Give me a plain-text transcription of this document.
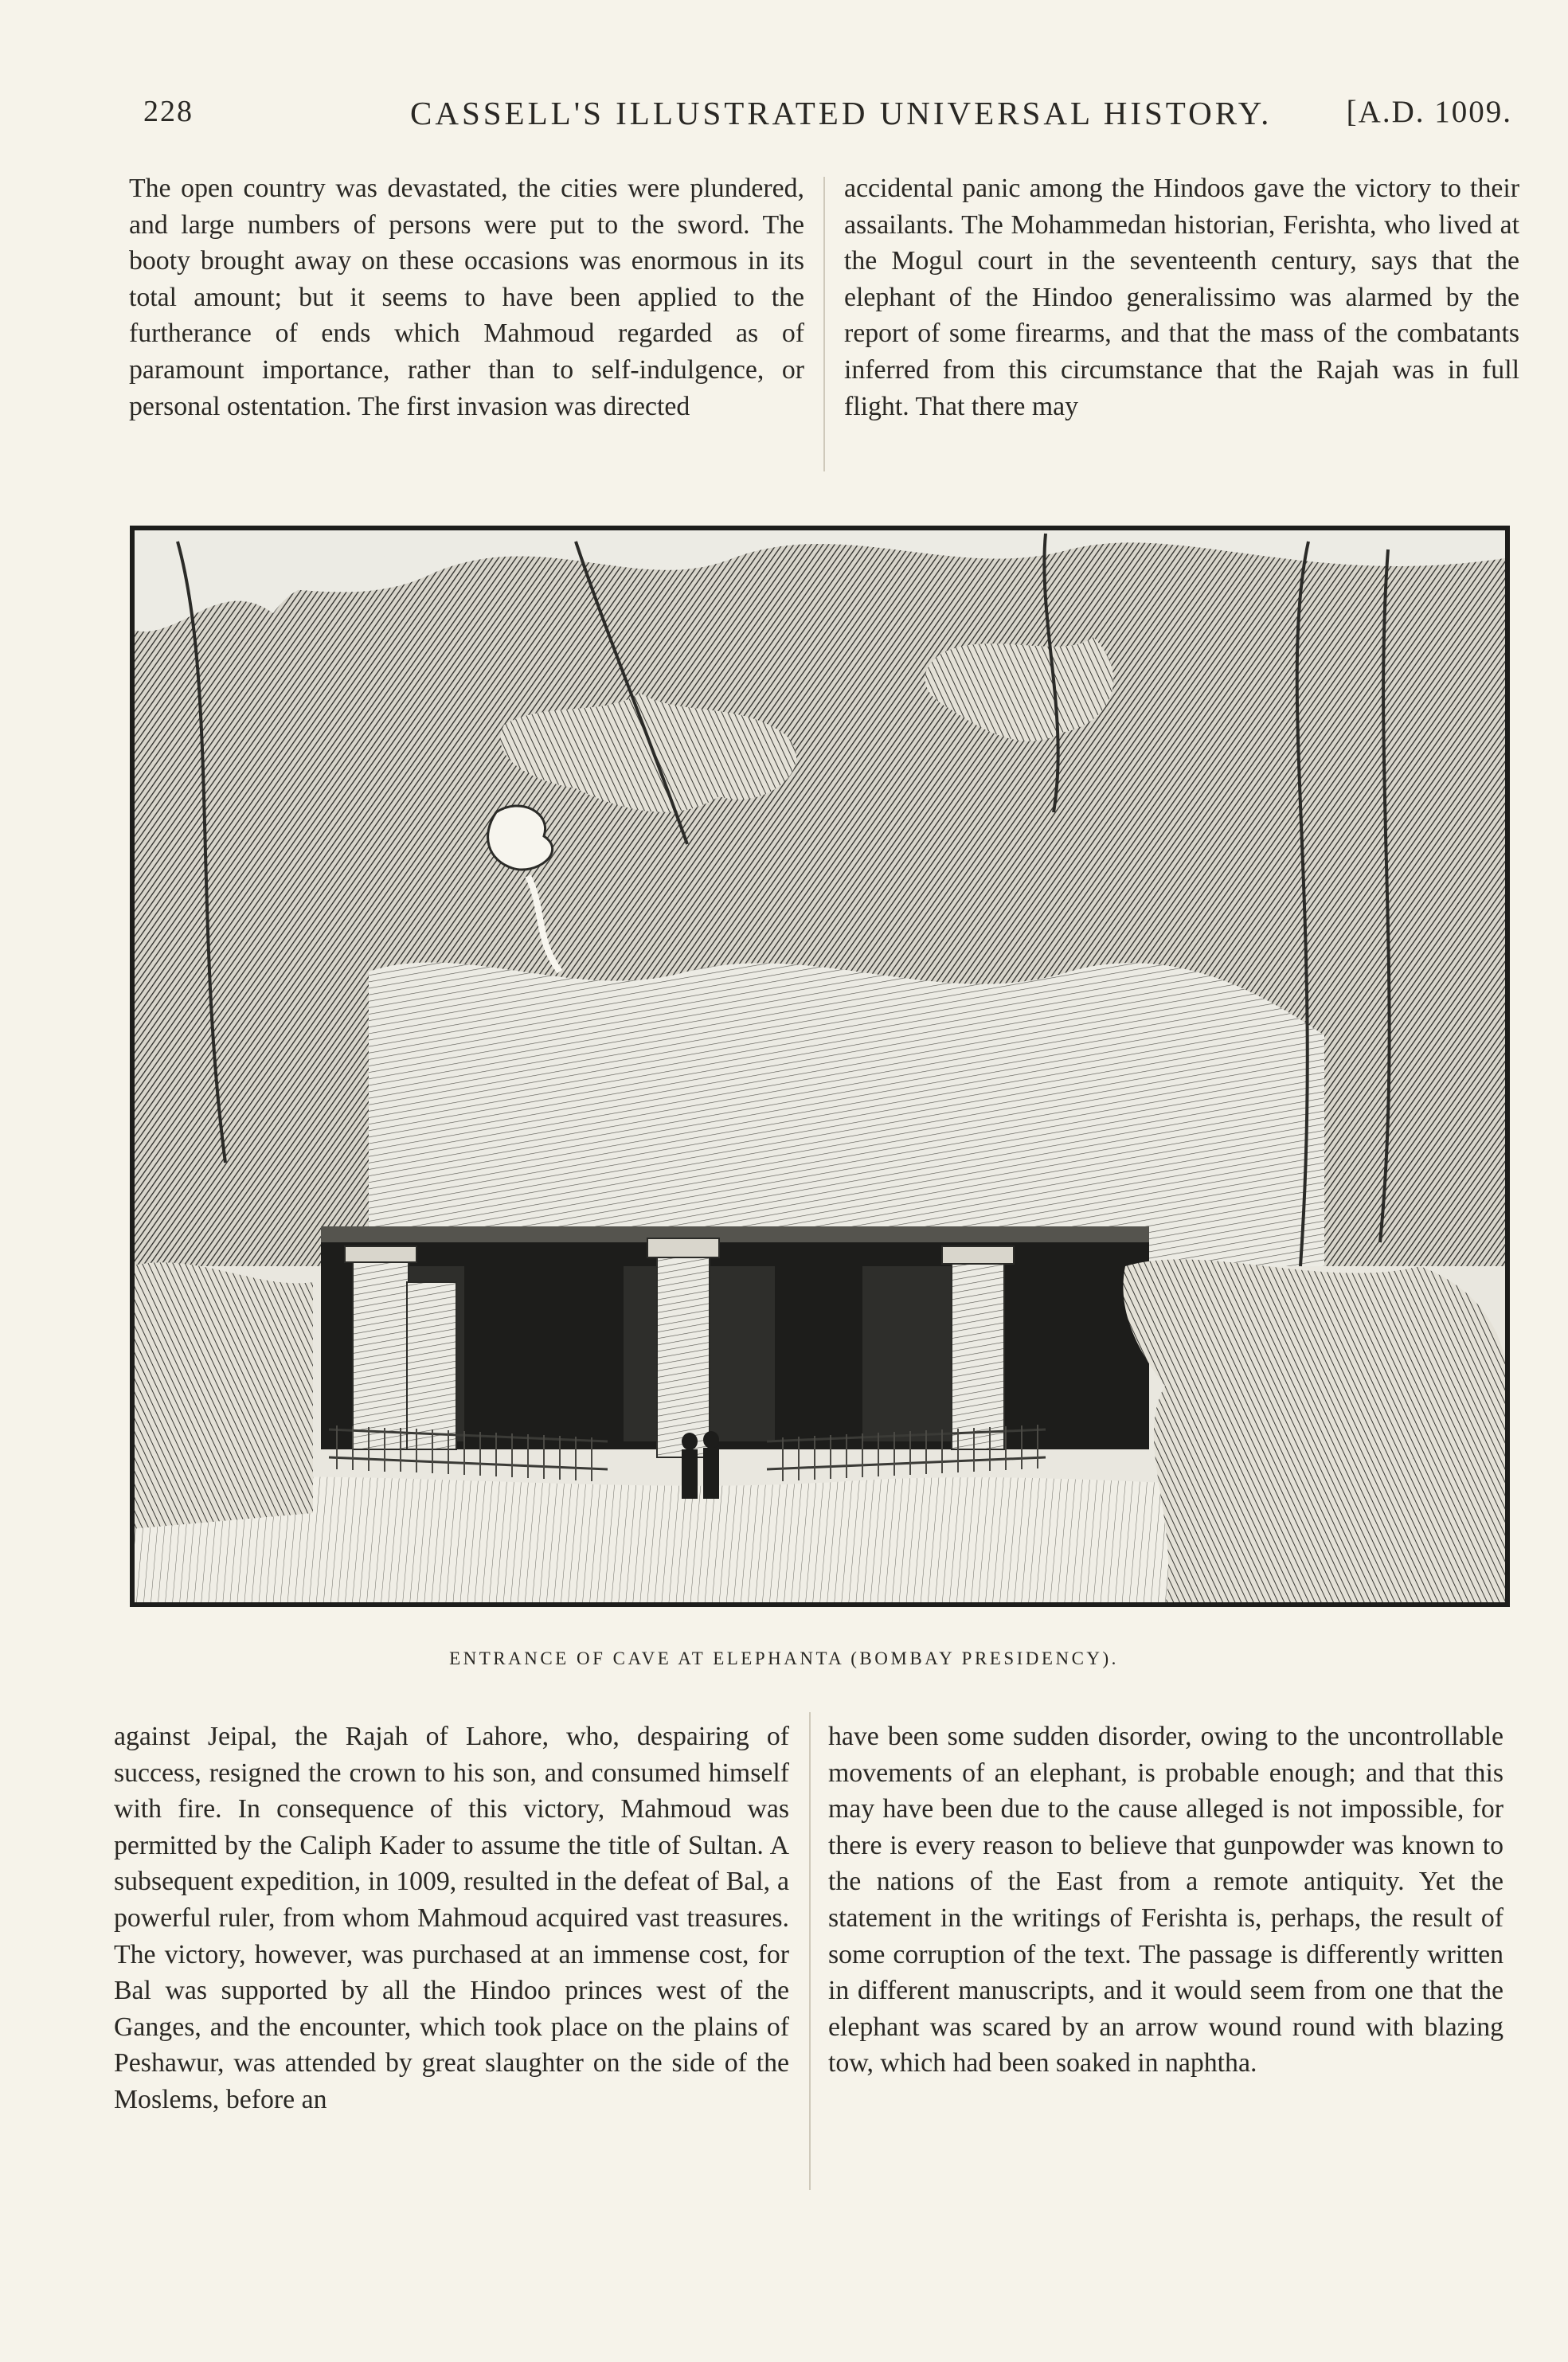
228	CASSELL'S ILLUSTRATED UNIVERSAL HISTORY. [A.D. 1009.

The open country was devastated, the cities were plundered, and large numbers of persons were put to the sword. The booty brought away on these occasions was enormous in its total amount; but it seems to have been applied to the furtherance of ends which Mahmoud regarded as of paramount importance, rather than to self-indulgence, or personal ostentation. The first invasion was directed

accidental panic among the Hindoos gave the victory to their assailants. The Mohammedan historian, Ferishta, who lived at the Mogul court in the seventeenth century, says that the elephant of the Hindoo generalissimo was alarmed by the report of some firearms, and that the mass of the combatants inferred from this circumstance that the Rajah was in full flight. That there may

ENTRANCE OF CAVE AT ELEPHANTA (BOMBAY PRESIDENCY).

against Jeipal, the Rajah of Lahore, who, despairing of success, resigned the crown to his son, and consumed himself with fire. In consequence of this victory, Mahmoud was permitted by the Caliph Kader to assume the title of Sultan. A subsequent expedition, in 1009, resulted in the defeat of Bal, a powerful ruler, from whom Mahmoud acquired vast treasures. The victory, however, was purchased at an immense cost, for Bal was supported by all the Hindoo princes west of the Ganges, and the encounter, which took place on the plains of Peshawur, was attended by great slaughter on the side of the Moslems, before an

have been some sudden disorder, owing to the uncontrollable movements of an elephant, is probable enough; and that this may have been due to the cause alleged is not impossible, for there is every reason to believe that gunpowder was known to the nations of the East from a remote antiquity. Yet the statement in the writings of Ferishta is, perhaps, the result of some corruption of the text. The passage is differently written in different manuscripts, and it would seem from one that the elephant was scared by an arrow wound round with blazing tow, which had been soaked in naphtha.
